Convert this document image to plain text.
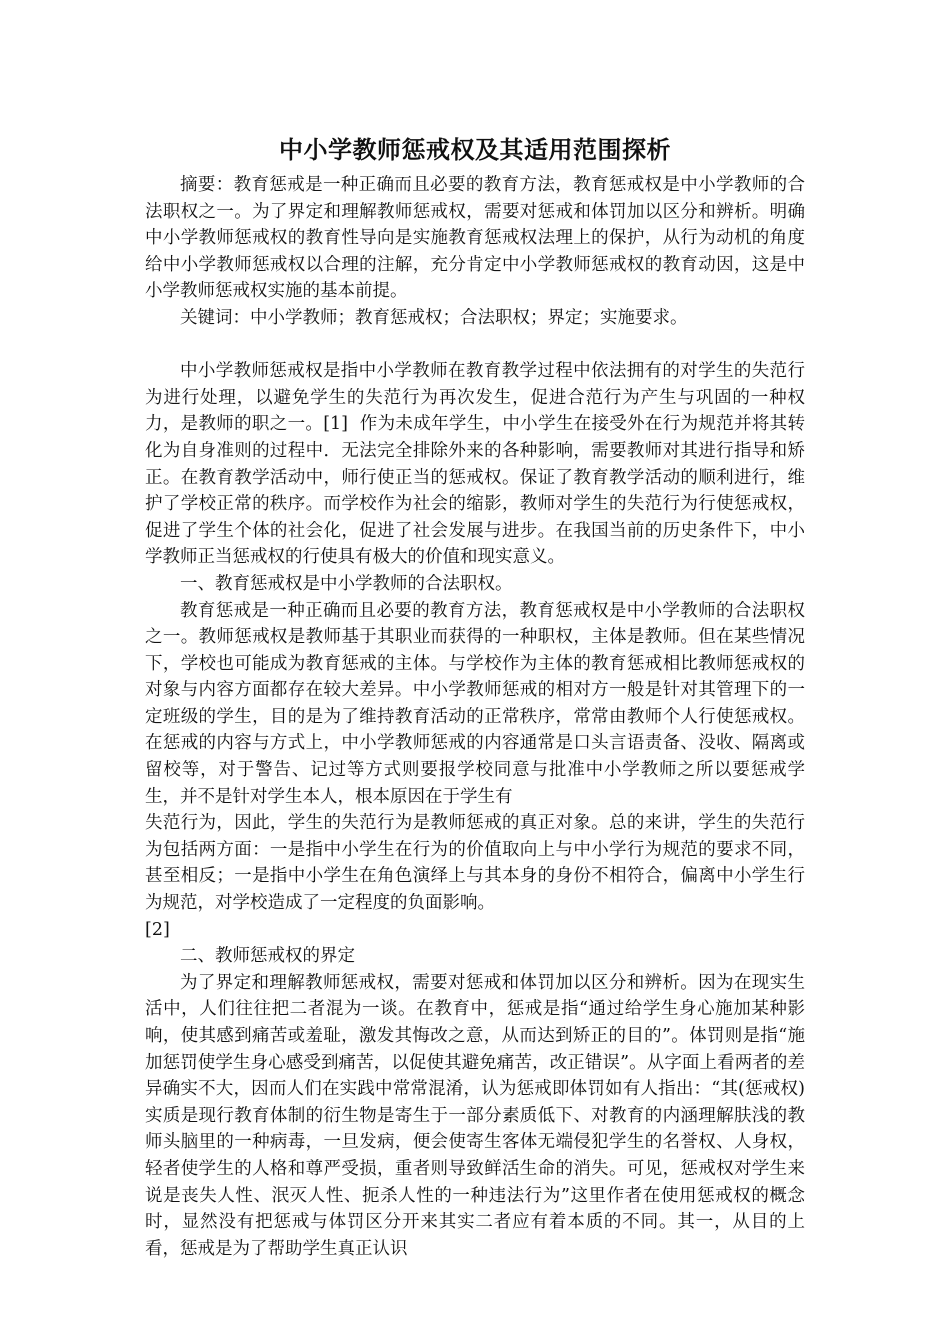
中小学教师惩戒权及其适用范围探析

摘要：教育惩戒是一种正确而且必要的教育方法，教育惩戒权是中小学教师的合法职权之一。为了界定和理解教师惩戒权，需要对惩戒和体罚加以区分和辨析。明确中小学教师惩戒权的教育性导向是实施教育惩戒权法理上的保护，从行为动机的角度给中小学教师惩戒权以合理的注解，充分肯定中小学教师惩戒权的教育动因，这是中小学教师惩戒权实施的基本前提。

关键词：中小学教师；教育惩戒权；合法职权；界定；实施要求。

中小学教师惩戒权是指中小学教师在教育教学过程中依法拥有的对学生的失范行为进行处理，以避免学生的失范行为再次发生，促进合范行为产生与巩固的一种权力，是教师的职之一。[1]  作为未成年学生，中小学生在接受外在行为规范并将其转化为自身准则的过程中．无法完全排除外来的各种影响，需要教师对其进行指导和矫正。在教育教学活动中，师行使正当的惩戒权。保证了教育教学活动的顺利进行，维护了学校正常的秩序。而学校作为社会的缩影，教师对学生的失范行为行使惩戒权，促进了学生个体的社会化，促进了社会发展与进步。在我国当前的历史条件下，中小学教师正当惩戒权的行使具有极大的价值和现实意义。

一、教育惩戒权是中小学教师的合法职权。

教育惩戒是一种正确而且必要的教育方法，教育惩戒权是中小学教师的合法职权之一。教师惩戒权是教师基于其职业而获得的一种职权，主体是教师。但在某些情况下，学校也可能成为教育惩戒的主体。与学校作为主体的教育惩戒相比教师惩戒权的对象与内容方面都存在较大差异。中小学教师惩戒的相对方一般是针对其管理下的一定班级的学生，目的是为了维持教育活动的正常秩序，常常由教师个人行使惩戒权。在惩戒的内容与方式上，中小学教师惩戒的内容通常是口头言语责备、没收、隔离或留校等，对于警告、记过等方式则要报学校同意与批准中小学教师之所以要惩戒学生，并不是针对学生本人，根本原因在于学生有

失范行为，因此，学生的失范行为是教师惩戒的真正对象。总的来讲，学生的失范行为包括两方面：一是指中小学生在行为的价值取向上与中小学行为规范的要求不同，甚至相反；一是指中小学生在角色演绎上与其本身的身份不相符合，偏离中小学生行为规范，对学校造成了一定程度的负面影响。

[2]

二、教师惩戒权的界定

为了界定和理解教师惩戒权，需要对惩戒和体罚加以区分和辨析。因为在现实生活中，人们往往把二者混为一谈。在教育中，惩戒是指“通过给学生身心施加某种影响，使其感到痛苦或羞耻，激发其悔改之意，从而达到矫正的目的”。体罚则是指“施加惩罚使学生身心感受到痛苦，以促使其避免痛苦，改正错误”。从字面上看两者的差异确实不大，因而人们在实践中常常混淆，认为惩戒即体罚如有人指出：“其(惩戒权)实质是现行教育体制的衍生物是寄生于一部分素质低下、对教育的内涵理解肤浅的教师头脑里的一种病毒，一旦发病，便会使寄生客体无端侵犯学生的名誉权、人身权，轻者使学生的人格和尊严受损，重者则导致鲜活生命的消失。可见，惩戒权对学生来说是丧失人性、泯灭人性、扼杀人性的一种违法行为”这里作者在使用惩戒权的概念时，显然没有把惩戒与体罚区分开来其实二者应有着本质的不同。其一，从目的上看，惩戒是为了帮助学生真正认识
